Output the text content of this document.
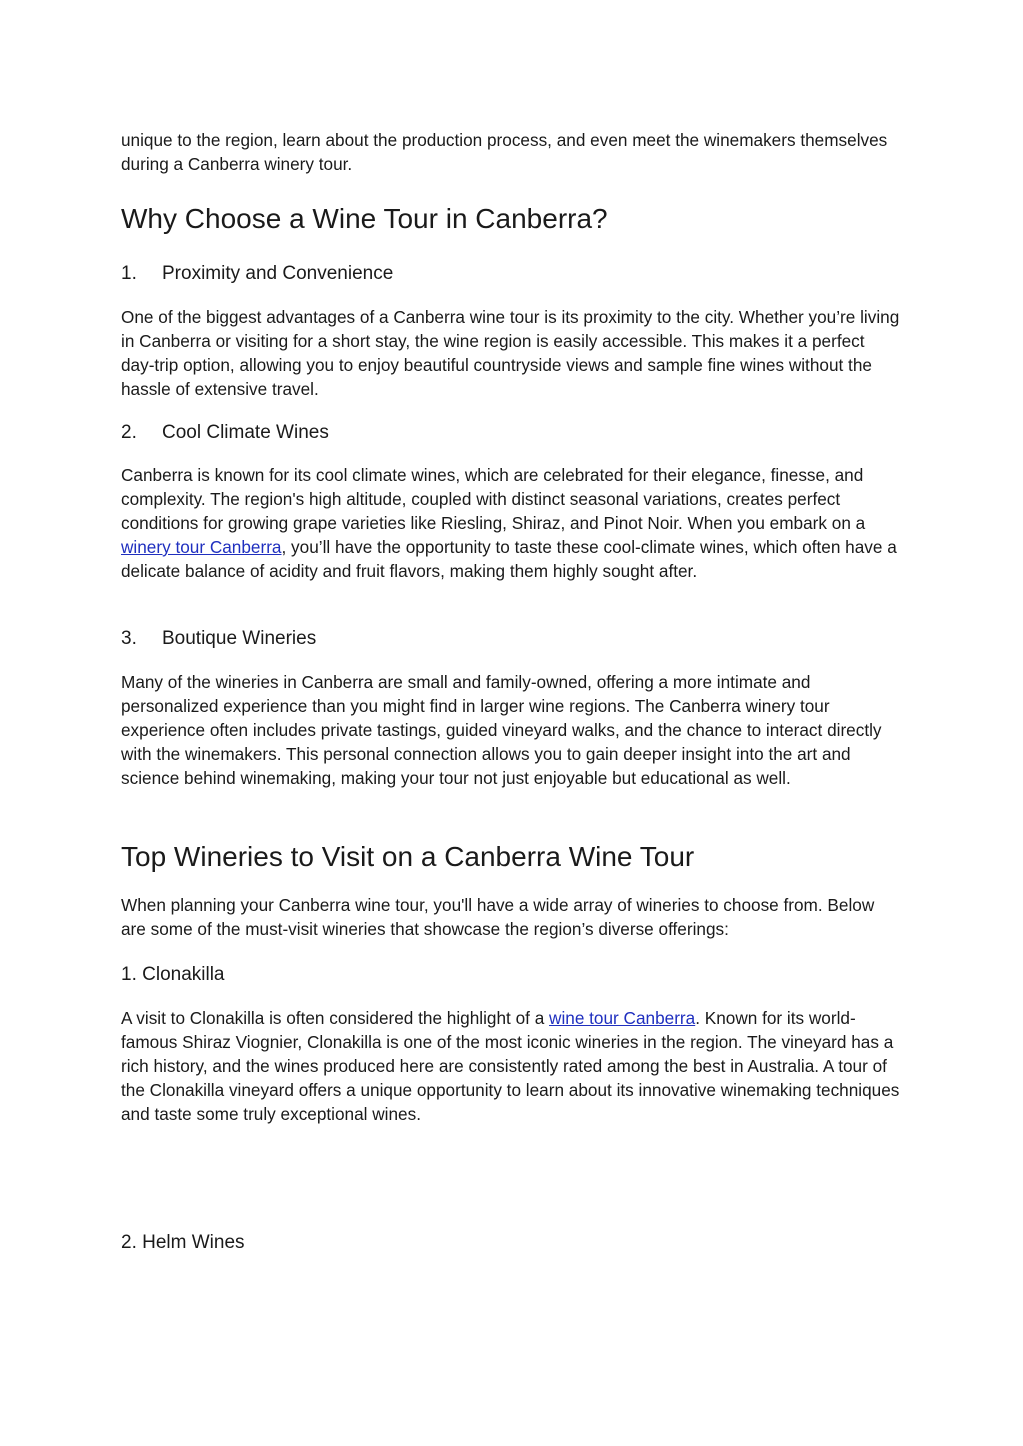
unique to the region, learn about the production process, and even meet the winemakers themselves during a Canberra winery tour.

Why Choose a Wine Tour in Canberra?
1.	Proximity and Convenience

One of the biggest advantages of a Canberra wine tour is its proximity to the city. Whether you’re living in Canberra or visiting for a short stay, the wine region is easily accessible. This makes it a perfect day-trip option, allowing you to enjoy beautiful countryside views and sample fine wines without the hassle of extensive travel.

2.	Cool Climate Wines

Canberra is known for its cool climate wines, which are celebrated for their elegance, finesse, and complexity. The region's high altitude, coupled with distinct seasonal variations, creates perfect conditions for growing grape varieties like Riesling, Shiraz, and Pinot Noir. When you embark on a winery tour Canberra, you’ll have the opportunity to taste these cool-climate wines, which often have a delicate balance of acidity and fruit flavors, making them highly sought after.

3.	Boutique Wineries

Many of the wineries in Canberra are small and family-owned, offering a more intimate and personalized experience than you might find in larger wine regions. The Canberra winery tour experience often includes private tastings, guided vineyard walks, and the chance to interact directly with the winemakers. This personal connection allows you to gain deeper insight into the art and science behind winemaking, making your tour not just enjoyable but educational as well.

Top Wineries to Visit on a Canberra Wine Tour

When planning your Canberra wine tour, you'll have a wide array of wineries to choose from. Below are some of the must-visit wineries that showcase the region’s diverse offerings:

1. Clonakilla

A visit to Clonakilla is often considered the highlight of a wine tour Canberra. Known for its world-famous Shiraz Viognier, Clonakilla is one of the most iconic wineries in the region. The vineyard has a rich history, and the wines produced here are consistently rated among the best in Australia. A tour of the Clonakilla vineyard offers a unique opportunity to learn about its innovative winemaking techniques and taste some truly exceptional wines.

2. Helm Wines
